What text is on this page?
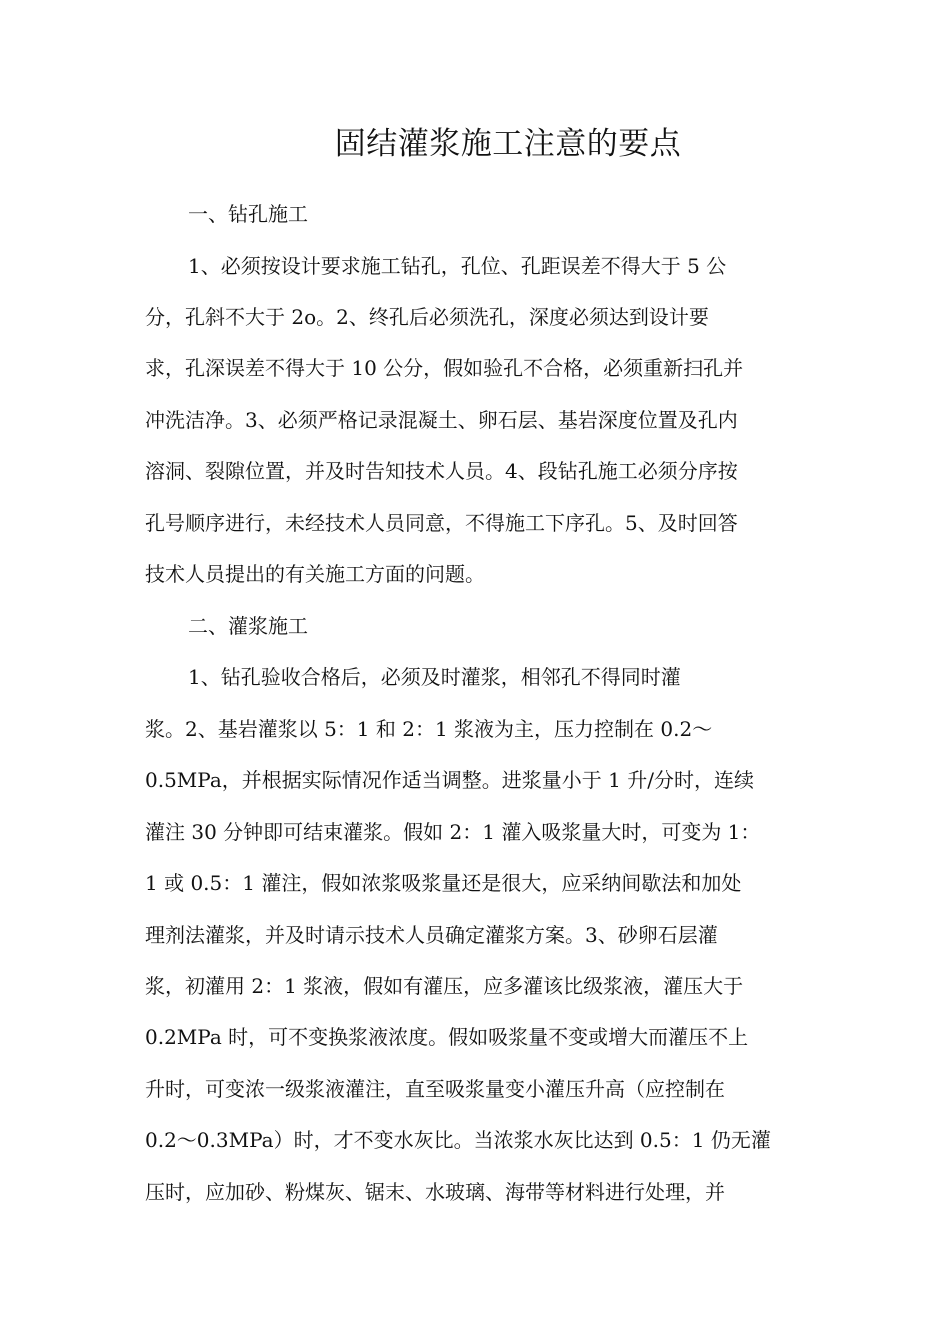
固结灌浆施工注意的要点

一、钻孔施工

1、必须按设计要求施工钻孔，孔位、孔距误差不得大于 5 公

分，孔斜不大于 2o。2、终孔后必须洗孔，深度必须达到设计要

求，孔深误差不得大于 10 公分，假如验孔不合格，必须重新扫孔并

冲洗洁净。3、必须严格记录混凝土、卵石层、基岩深度位置及孔内

溶洞、裂隙位置，并及时告知技术人员。4、段钻孔施工必须分序按

孔号顺序进行，未经技术人员同意，不得施工下序孔。5、及时回答

技术人员提出的有关施工方面的问题。

二、灌浆施工

1、钻孔验收合格后，必须及时灌浆，相邻孔不得同时灌

浆。2、基岩灌浆以 5：1 和 2：1 浆液为主，压力控制在 0.2～

0.5MPa，并根据实际情况作适当调整。进浆量小于 1 升/分时，连续

灌注 30 分钟即可结束灌浆。假如 2：1 灌入吸浆量大时，可变为 1：

1 或 0.5：1 灌注，假如浓浆吸浆量还是很大，应采纳间歇法和加处

理剂法灌浆，并及时请示技术人员确定灌浆方案。3、砂卵石层灌

浆，初灌用 2：1 浆液，假如有灌压，应多灌该比级浆液，灌压大于

0.2MPa 时，可不变换浆液浓度。假如吸浆量不变或增大而灌压不上

升时，可变浓一级浆液灌注，直至吸浆量变小灌压升高（应控制在

0.2～0.3MPa）时，才不变水灰比。当浓浆水灰比达到 0.5：1 仍无灌

压时，应加砂、粉煤灰、锯末、水玻璃、海带等材料进行处理，并
